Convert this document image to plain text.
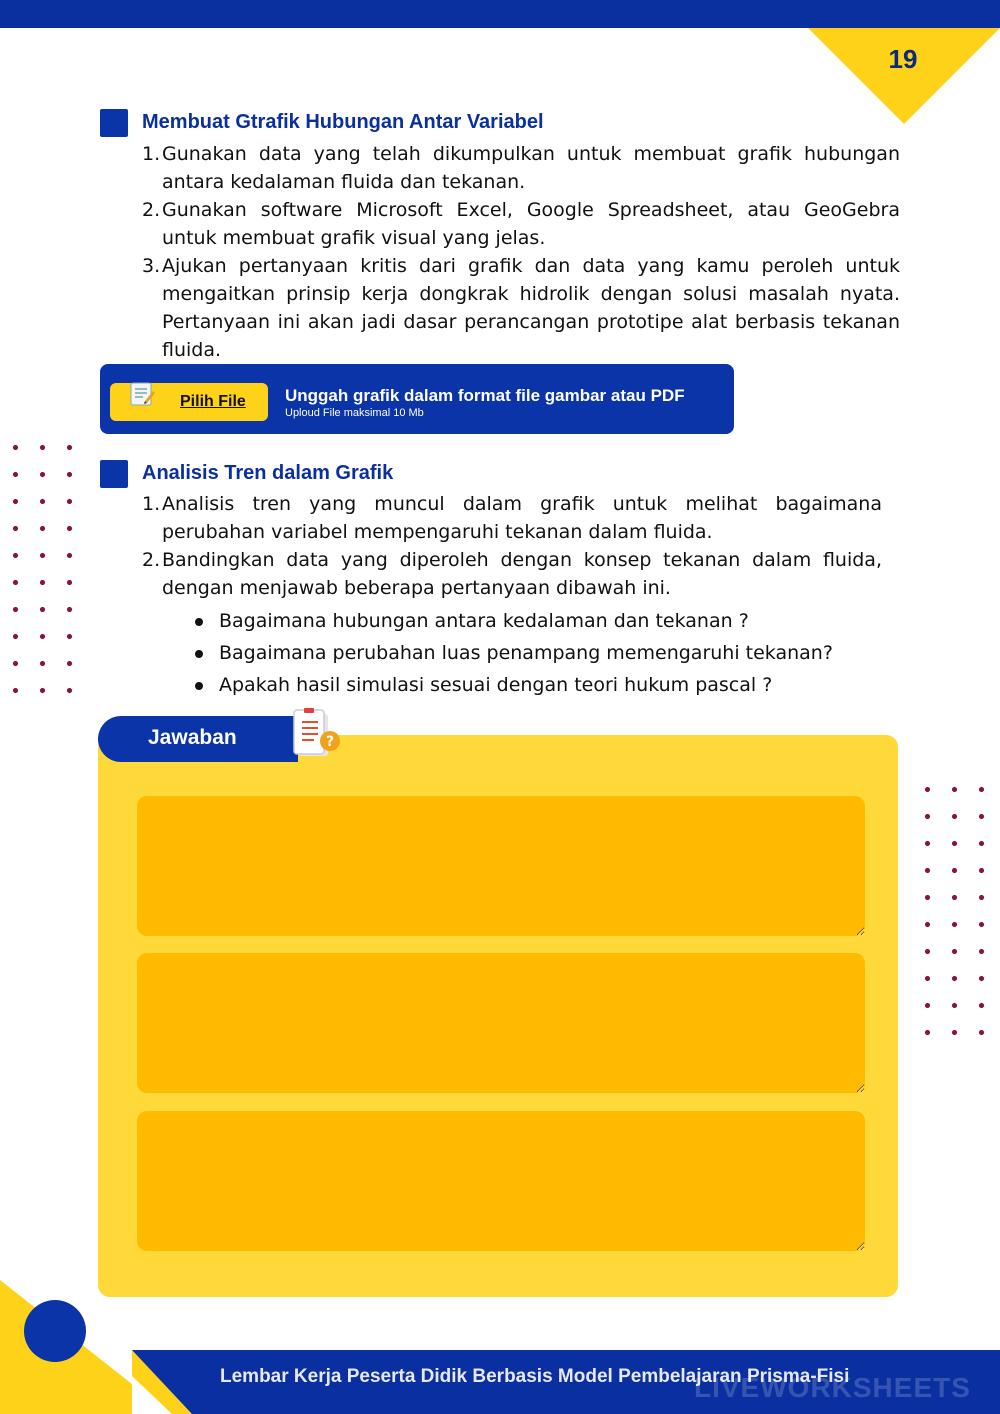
19
Membuat Gtrafik Hubungan Antar Variabel
1. Gunakan data yang telah dikumpulkan untuk membuat grafik hubungan antara kedalaman fluida dan tekanan.
2. Gunakan software Microsoft Excel, Google Spreadsheet, atau GeoGebra untuk membuat grafik visual yang jelas.
3. Ajukan pertanyaan kritis dari grafik dan data yang kamu peroleh untuk mengaitkan prinsip kerja dongkrak hidrolik dengan solusi masalah nyata. Pertanyaan ini akan jadi dasar perancangan prototipe alat berbasis tekanan fluida.
Pilih File Unggah grafik dalam format file gambar atau PDF
Uploud File maksimal 10 Mb
Analisis Tren dalam Grafik
1. Analisis tren yang muncul dalam grafik untuk melihat bagaimana perubahan variabel mempengaruhi tekanan dalam fluida.
2. Bandingkan data yang diperoleh dengan konsep tekanan dalam fluida, dengan menjawab beberapa pertanyaan dibawah ini.
Bagaimana hubungan antara kedalaman dan tekanan ?
Bagaimana perubahan luas penampang memengaruhi tekanan?
Apakah hasil simulasi sesuai dengan teori hukum pascal ?
Jawaban	?
Lembar Kerja Peserta Didik Berbasis Model Pembelajaran Prisma-Fisi
LIVEWORKSHEETS
